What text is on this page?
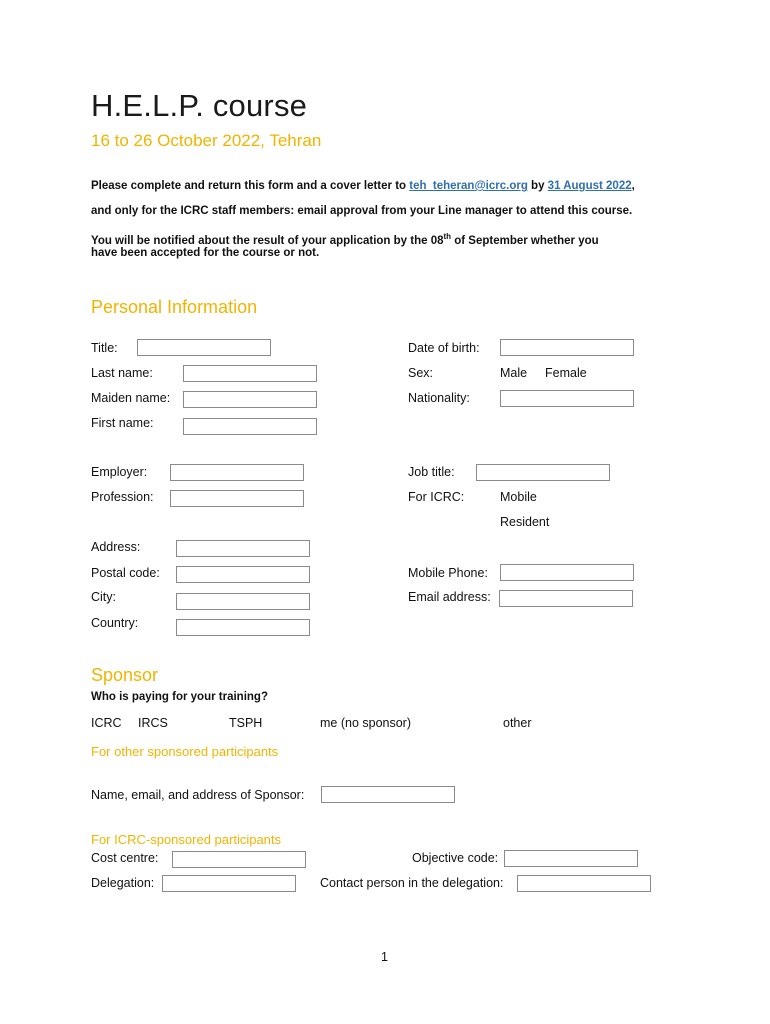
H.E.L.P. course
16 to 26 October 2022, Tehran
Please complete and return this form and a cover letter to teh_teheran@icrc.org by 31 August 2022,
and only for the ICRC staff members: email approval from your Line manager to attend this course.
You will be notified about the result of your application by the 08th of September whether you
have been accepted for the course or not.
Personal Information
Title:	Date of birth:
Last name:	Sex:	Male Female
Maiden name:	Nationality:
First name:
Employer:	Job title:
Profession:	For ICRC:	Mobile
Resident
Address:
Postal code:	Mobile Phone:
City:	Email address:
Country:
Sponsor
Who is paying for your training?
ICRC IRCS	TSPH	me (no sponsor)	other
For other sponsored participants
Name, email, and address of Sponsor:
For ICRC-sponsored participants
Cost centre:	Objective code:
Delegation:	Contact person in the delegation:
1
